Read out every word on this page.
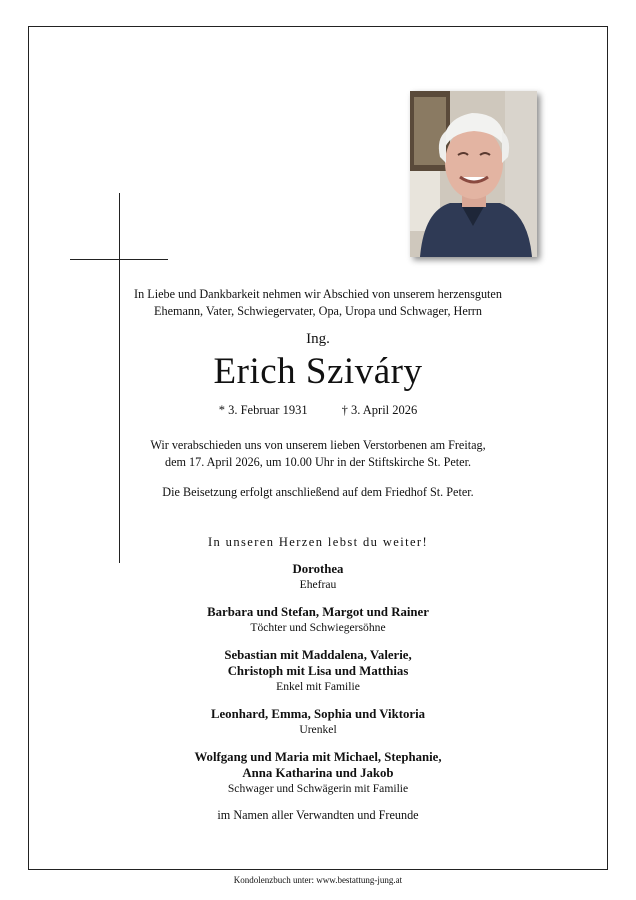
In Liebe und Dankbarkeit nehmen wir Abschied von unserem herzensguten
Ehemann, Vater, Schwiegervater, Opa, Uropa und Schwager, Herrn
Ing.
Erich Sziváry
* 3. Februar 1931	† 3. April 2026
Wir verabschieden uns von unserem lieben Verstorbenen am Freitag,
dem 17. April 2026, um 10.00 Uhr in der Stiftskirche St. Peter.
Die Beisetzung erfolgt anschließend auf dem Friedhof St. Peter.
In unseren Herzen lebst du weiter!
Dorothea
Ehefrau
Barbara und Stefan, Margot und Rainer
Töchter und Schwiegersöhne
Sebastian mit Maddalena, Valerie,
Christoph mit Lisa und Matthias
Enkel mit Familie
Leonhard, Emma, Sophia und Viktoria
Urenkel
Wolfgang und Maria mit Michael, Stephanie,
Anna Katharina und Jakob
Schwager und Schwägerin mit Familie
im Namen aller Verwandten und Freunde
Kondolenzbuch unter: www.bestattung-jung.at
